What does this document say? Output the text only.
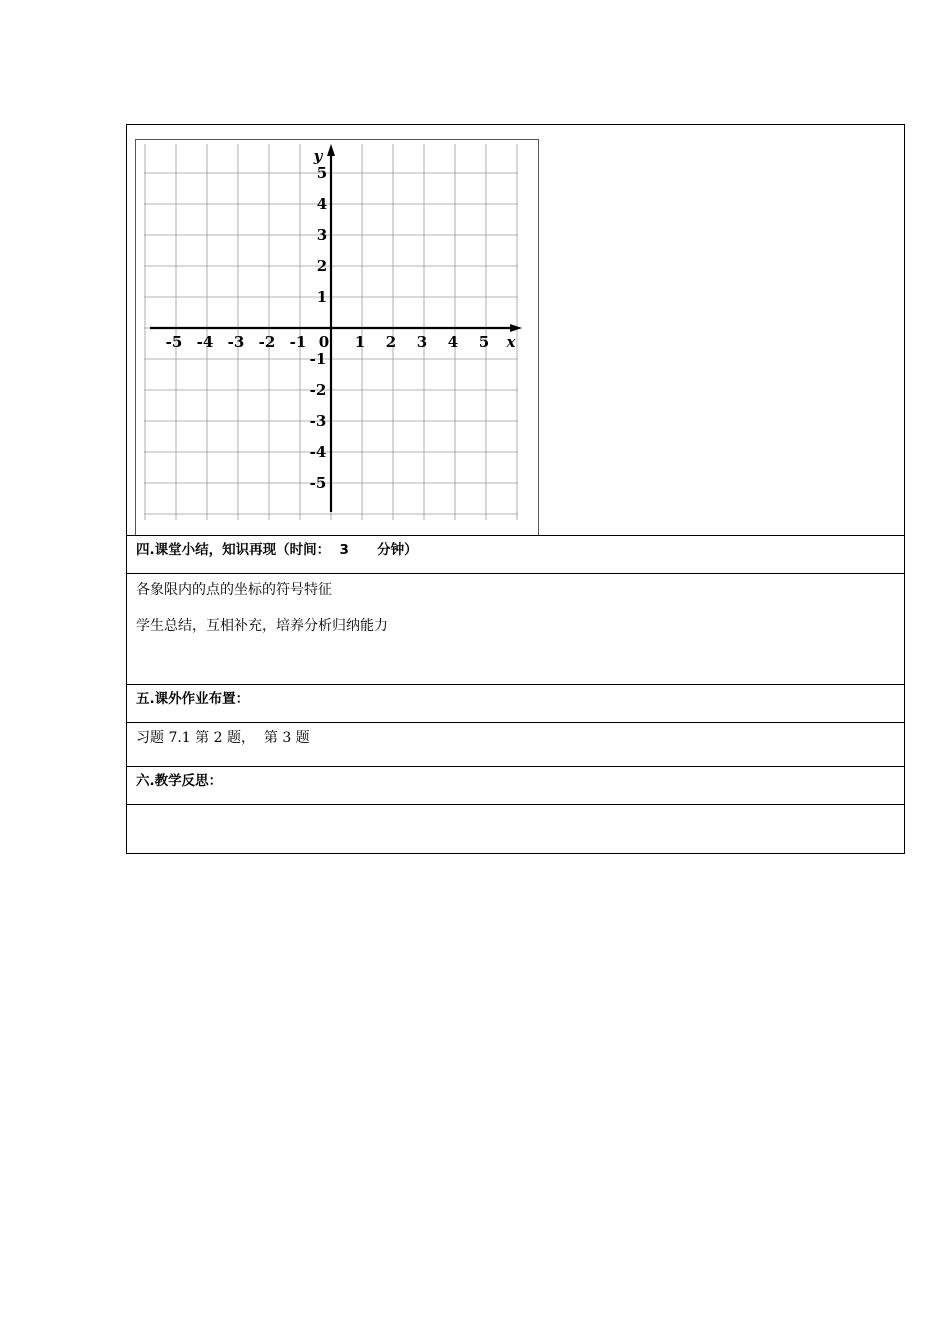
-5 -4 -3 -2 -1	1 2 3 4 5
0	x
5
4
3
2
1
-1
-2
-3
-4
-5
y
四.课堂小结，知识再现（时间：  3      分钟）
各象限内的点的坐标的符号特征
学生总结，互相补充，培养分析归纳能力
五.课外作业布置：
习题 7.1 第 2 题，  第 3 题
六.教学反思：
